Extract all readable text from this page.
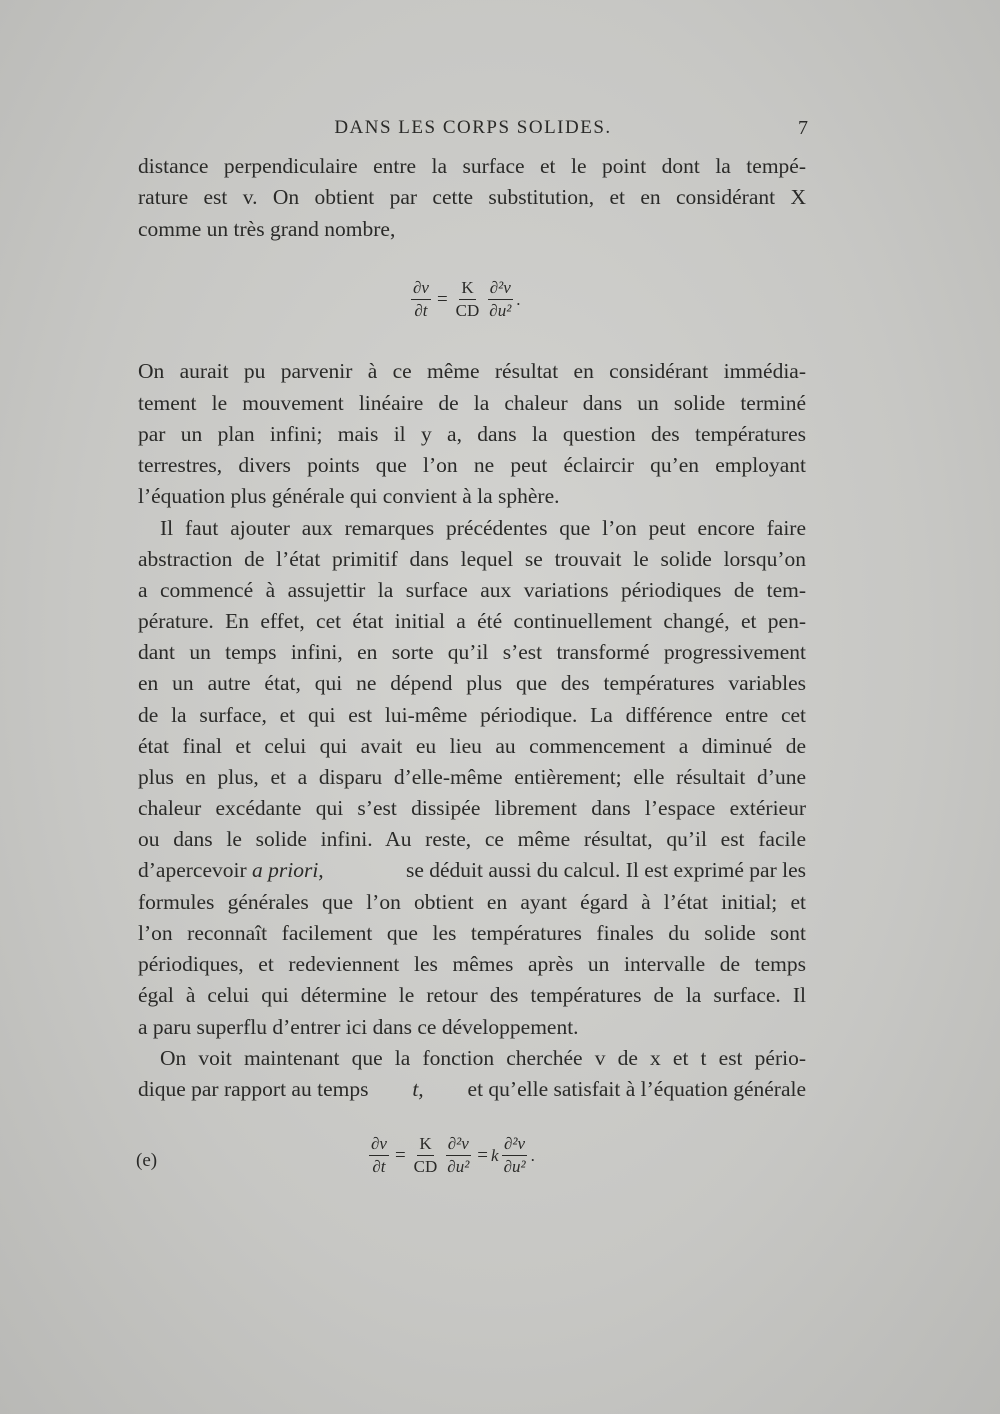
DANS LES CORPS SOLIDES.	7
distance perpendiculaire entre la surface et le point dont la tempé-
rature est v. On obtient par cette substitution, et en considérant X
comme un très grand nombre,
$\frac{\partial v}{\partial t} = \frac{K}{CD} \frac{\text{∂²v}}{\text{∂u²}}$ .
On aurait pu parvenir à ce même résultat en considérant immédia-
tement le mouvement linéaire de la chaleur dans un solide terminé
par un plan infini; mais il y a, dans la question des températures
terrestres, divers points que l’on ne peut éclaircir qu’en employant
l’équation plus générale qui convient à la sphère.
Il faut ajouter aux remarques précédentes que l’on peut encore faire
abstraction de l’état primitif dans lequel se trouvait le solide lorsqu’on
a commencé à assujettir la surface aux variations périodiques de tem-
pérature. En effet, cet état initial a été continuellement changé, et pen-
dant un temps infini, en sorte qu’il s’est transformé progressivement
en un autre état, qui ne dépend plus que des températures variables
de la surface, et qui est lui-même périodique. La différence entre cet
état final et celui qui avait eu lieu au commencement a diminué de
plus en plus, et a disparu d’elle-même entièrement; elle résultait d’une
chaleur excédante qui s’est dissipée librement dans l’espace extérieur
ou dans le solide infini. Au reste, ce même résultat, qu’il est facile
d’apercevoir a priori,	se déduit aussi du calcul. Il est exprimé par les
formules générales que l’on obtient en ayant égard à l’état initial; et
l’on reconnaît facilement que les températures finales du solide sont
périodiques, et redeviennent les mêmes après un intervalle de temps
égal à celui qui détermine le retour des températures de la surface. Il
a paru superflu d’entrer ici dans ce développement.
On voit maintenant que la fonction cherchée v de x et t est pério-
dique par rapport au temps t, et qu’elle satisfait à l’équation générale
(e)	$\frac{\partial v}{\partial t} = \frac{K}{CD} \frac{\text{∂²v}}{\text{∂u²}} = k \frac{\text{∂²v}}{\text{∂u²}}$ .
